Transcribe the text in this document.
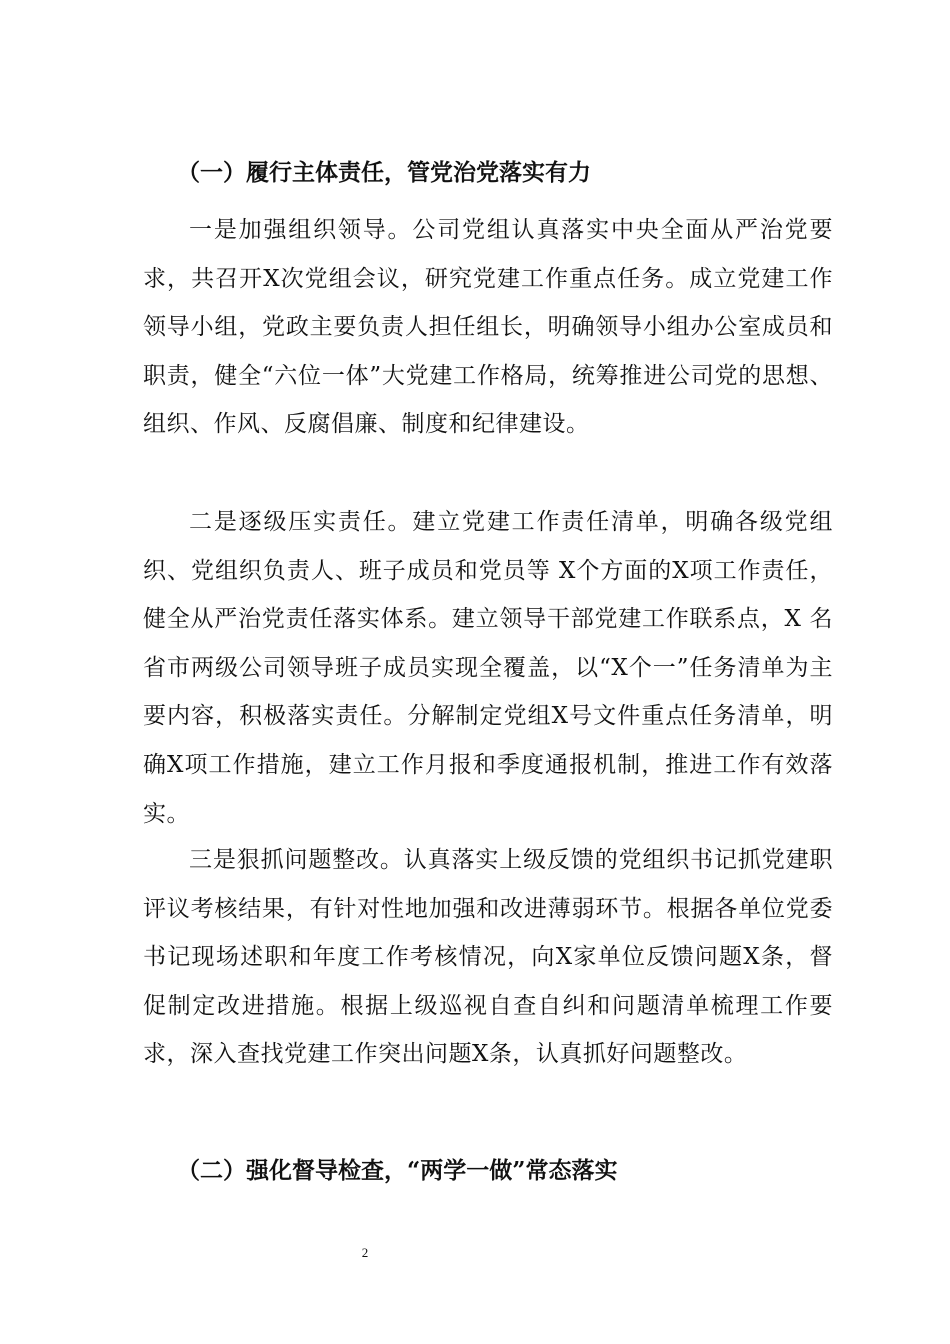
（一）履行主体责任，管党治党落实有力
一是加强组织领导。公司党组认真落实中央全面从严治党要求，共召开X次党组会议，研究党建工作重点任务。成立党建工作领导小组，党政主要负责人担任组长，明确领导小组办公室成员和职责，健全“六位一体”大党建工作格局，统筹推进公司党的思想、组织、作风、反腐倡廉、制度和纪律建设。
二是逐级压实责任。建立党建工作责任清单，明确各级党组织、党组织负责人、班子成员和党员等 X个方面的X项工作责任，健全从严治党责任落实体系。建立领导干部党建工作联系点，X 名省市两级公司领导班子成员实现全覆盖，以“X个一”任务清单为主要内容，积极落实责任。分解制定党组X号文件重点任务清单，明确X项工作措施，建立工作月报和季度通报机制，推进工作有效落实。
三是狠抓问题整改。认真落实上级反馈的党组织书记抓党建职评议考核结果，有针对性地加强和改进薄弱环节。根据各单位党委书记现场述职和年度工作考核情况，向X家单位反馈问题X条，督促制定改进措施。根据上级巡视自查自纠和问题清单梳理工作要求，深入查找党建工作突出问题X条，认真抓好问题整改。
（二）强化督导检查，“两学一做”常态落实
2
